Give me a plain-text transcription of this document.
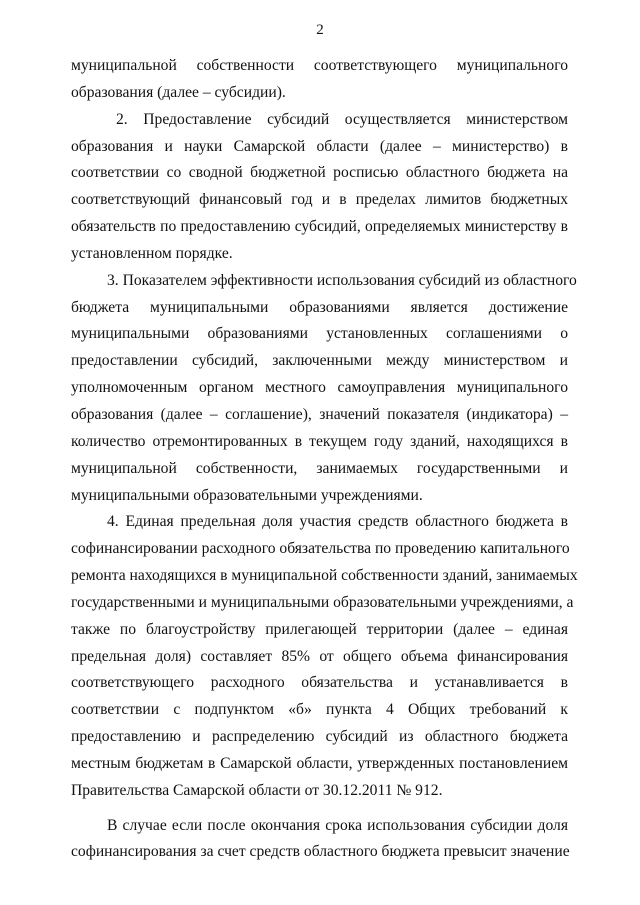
2
муниципальной собственности соответствующего муниципального
образования (далее – субсидии).
2. Предоставление субсидий осуществляется министерством
образования и науки Самарской области (далее – министерство) в
соответствии со сводной бюджетной росписью областного бюджета на
соответствующий финансовый год и в пределах лимитов бюджетных
обязательств по предоставлению субсидий, определяемых министерству в
установленном порядке.
3. Показателем эффективности использования субсидий из областного
бюджета муниципальными образованиями является достижение
муниципальными образованиями установленных соглашениями о
предоставлении субсидий, заключенными между министерством и
уполномоченным органом местного самоуправления муниципального
образования (далее – соглашение), значений показателя (индикатора) –
количество отремонтированных в текущем году зданий, находящихся в
муниципальной собственности, занимаемых государственными и
муниципальными образовательными учреждениями.
4. Единая предельная доля участия средств областного бюджета в
софинансировании расходного обязательства по проведению капитального
ремонта находящихся в муниципальной собственности зданий, занимаемых
государственными и муниципальными образовательными учреждениями, а
также по благоустройству прилегающей территории (далее – единая
предельная доля) составляет 85% от общего объема финансирования
соответствующего расходного обязательства и устанавливается в
соответствии с подпунктом «б» пункта 4 Общих требований к
предоставлению и распределению субсидий из областного бюджета
местным бюджетам в Самарской области, утвержденных постановлением
Правительства Самарской области от 30.12.2011 № 912.
В случае если после окончания срока использования субсидии доля
софинансирования за счет средств областного бюджета превысит значение
